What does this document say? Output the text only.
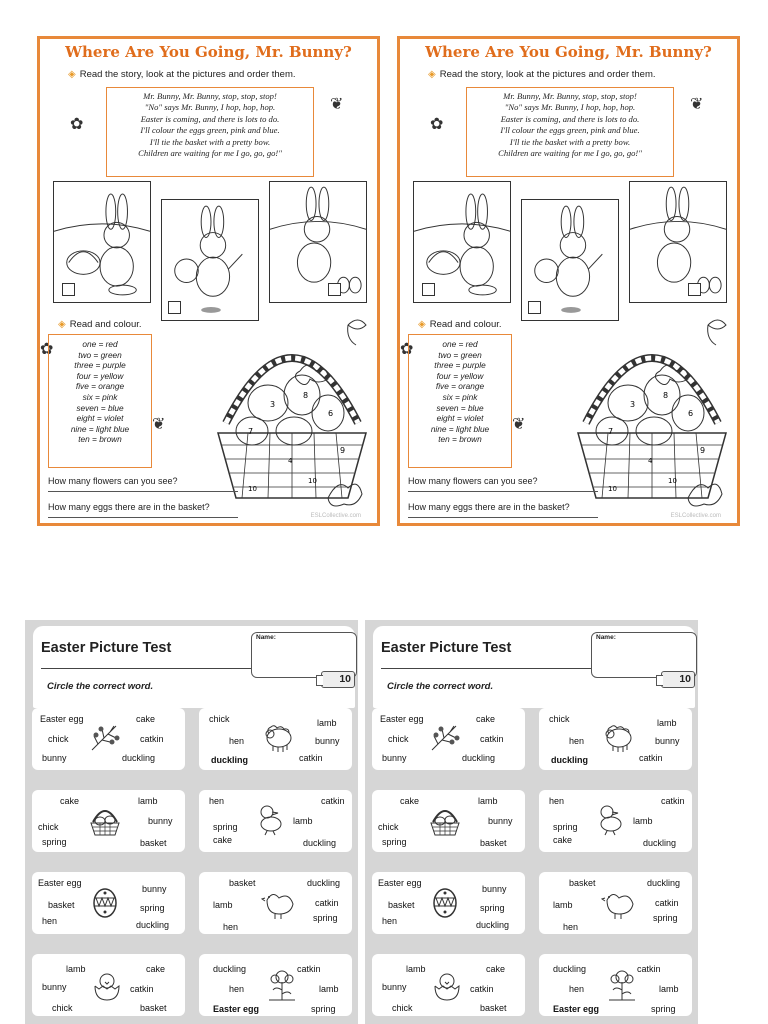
Where Are You Going, Mr. Bunny?
◈ Read the story, look at the pictures and order them.
✿
❦
Mr. Bunny, Mr. Bunny, stop, stop, stop!
"No" says Mr. Bunny, I hop, hop, hop.
Easter is coming, and there is lots to do.
I'll colour the eggs green, pink and blue.
I'll tie the basket with a pretty bow.
Children are waiting for me I go, go, go!"
◈ Read and colour.
✿	one = red
two = green
three = purple
four = yellow
five = orange
six = pink
seven = blue
eight = violet
nine = light blue
ten = brown
❦
3
8
6
7
9
4
10
10
How many flowers can you see?
How many eggs there are in the basket?
ESLCollective.com
Where Are You Going, Mr. Bunny?
◈ Read the story, look at the pictures and order them.
✿
❦
Mr. Bunny, Mr. Bunny, stop, stop, stop!
"No" says Mr. Bunny, I hop, hop, hop.
Easter is coming, and there is lots to do.
I'll colour the eggs green, pink and blue.
I'll tie the basket with a pretty bow.
Children are waiting for me I go, go, go!"
◈ Read and colour.
✿	one = red
two = green
three = purple
four = yellow
five = orange
six = pink
seven = blue
eight = violet
nine = light blue
ten = brown
❦
3
8
6
7
9
4
10
10
How many flowers can you see?
How many eggs there are in the basket?
ESLCollective.com
Easter Picture Test
Circle the correct word.
Name:
10
Easter egg	cake
chick	catkin
bunny	duckling
chick	lamb
hen	bunny
duckling	catkin
cake	lamb
bunny
chick
spring	basket
hen	catkin
lamb
spring
cake	duckling
Easter egg
bunny
basket	spring
hen	duckling
basket	duckling
lamb	catkin
spring
hen
lamb	cake
bunny	catkin
chick	basket
duckling	catkin
hen	lamb
Easter egg	spring
Easter Picture Test
Circle the correct word.
Name:
10
Easter egg	cake
chick	catkin
bunny	duckling
chick	lamb
hen	bunny
duckling	catkin
cake	lamb
bunny
chick
spring	basket
hen	catkin
lamb
spring
cake	duckling
Easter egg
bunny
basket	spring
hen	duckling
basket	duckling
lamb	catkin
spring
hen
lamb	cake
bunny	catkin
chick	basket
duckling	catkin
hen	lamb
Easter egg	spring
